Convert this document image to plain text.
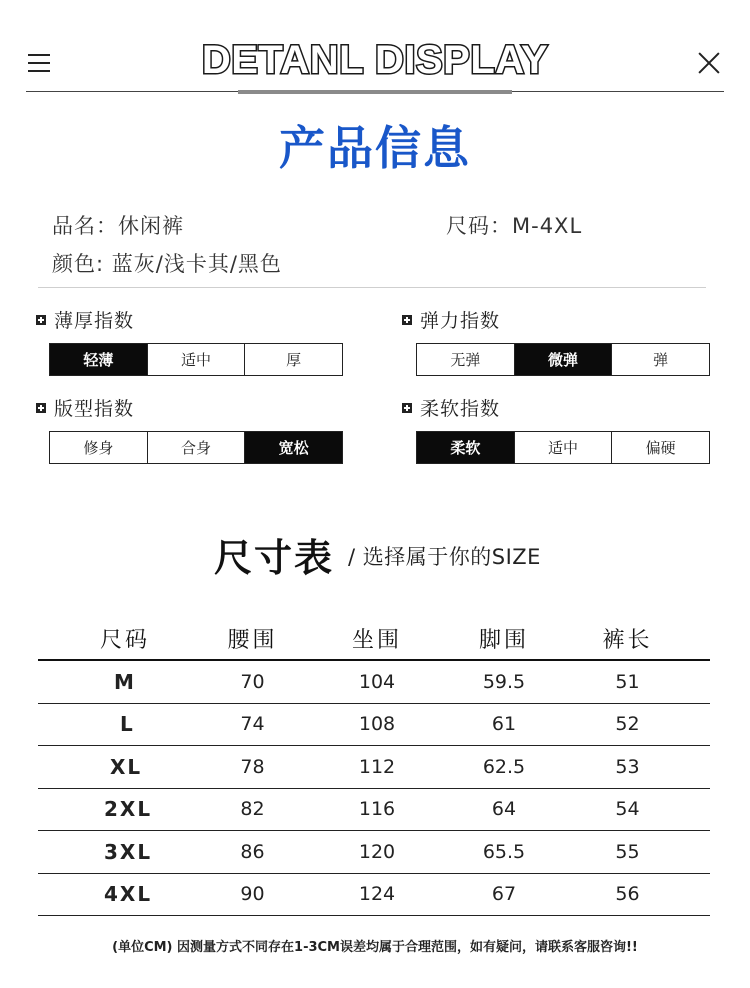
DETANL DISPLAY
产品信息
品名：休闲裤	尺码：M-4XL
颜色: 蓝灰/浅卡其/黑色
薄厚指数
轻薄	适中	厚
弹力指数
无弹	微弹	弹
版型指数
修身	合身	宽松
柔软指数
柔软	适中	偏硬
尺寸表 / 选择属于你的SIZE
尺码	腰围	坐围	脚围	裤长
M	70	104	59.5	51
L	74	108	61	52
XL	78	112	62.5	53
2XL	82	116	64	54
3XL	86	120	65.5	55
4XL	90	124	67	56
(单位CM) 因测量方式不同存在1-3CM误差均属于合理范围，如有疑问，请联系客服咨询!!
